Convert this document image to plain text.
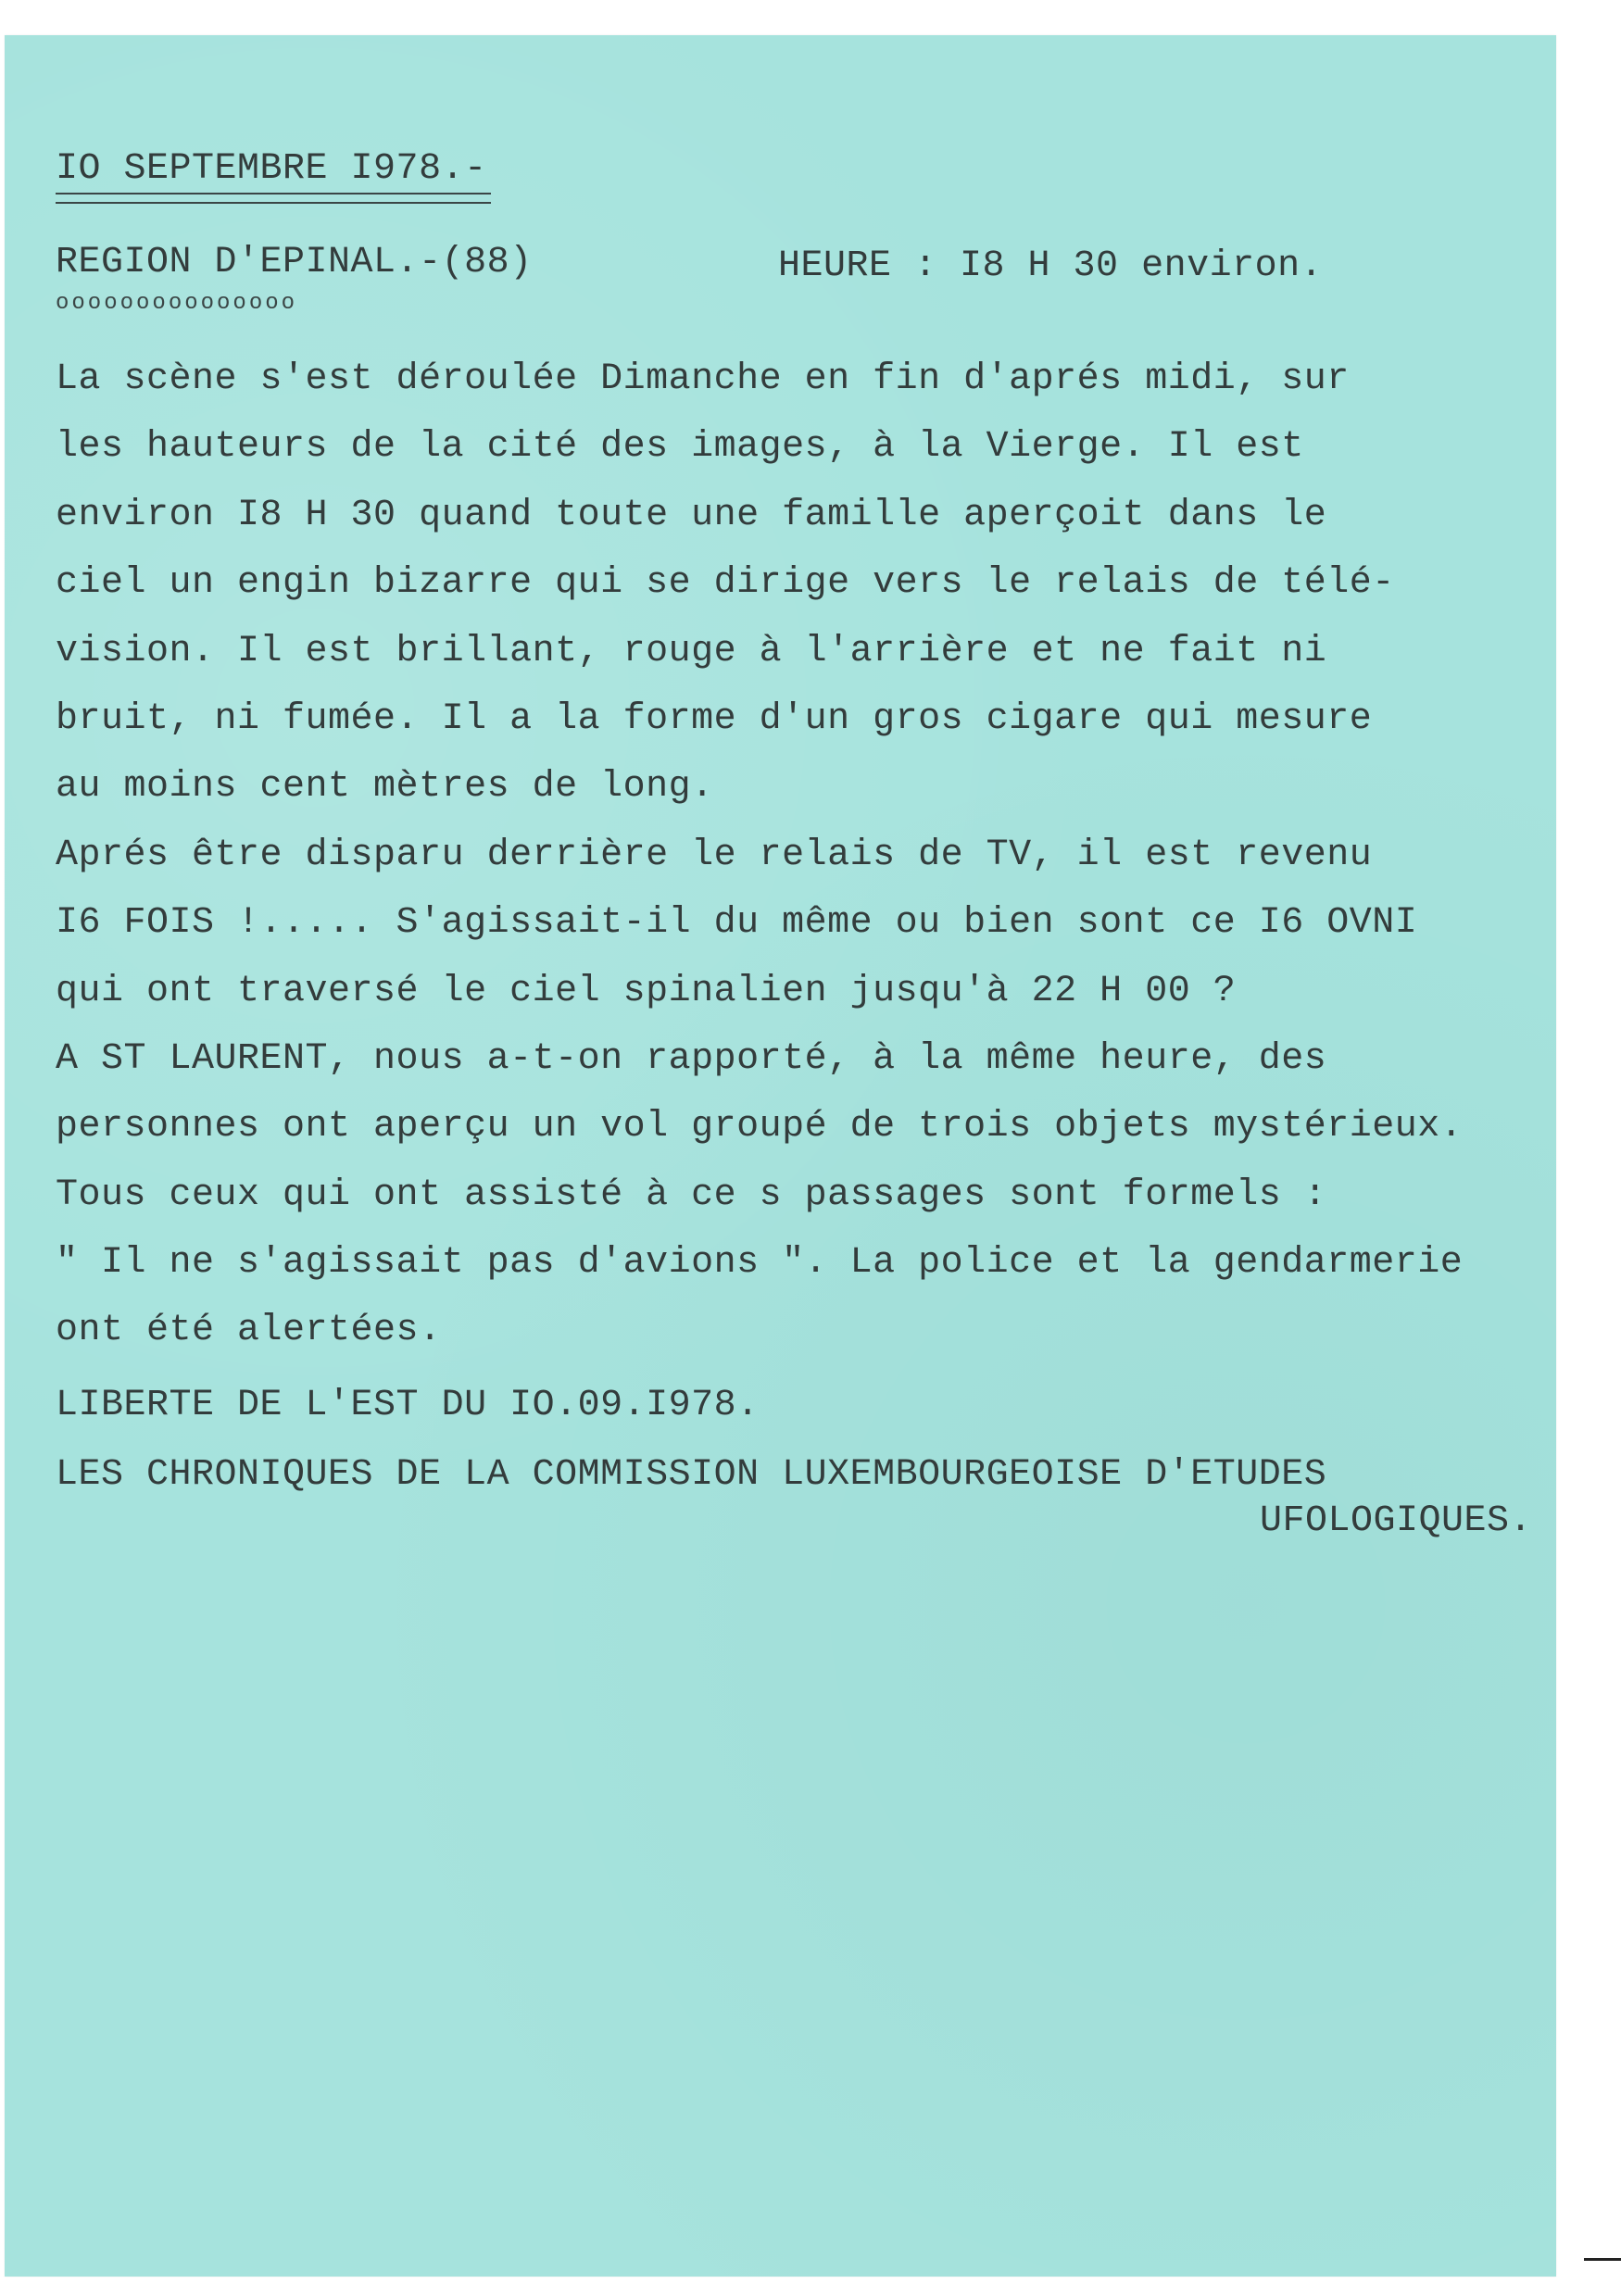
IO SEPTEMBRE I978.-
REGION D'EPINAL.-(88)	HEURE : I8 H 30 environ.
ooooooooooooooo
La scène s'est déroulée Dimanche en fin d'aprés midi, sur
les hauteurs de la cité des images, à la Vierge. Il est
environ I8 H 30 quand toute une famille aperçoit dans le
ciel un engin bizarre qui se dirige vers le relais de télé-
vision. Il est brillant, rouge à l'arrière et ne fait ni
bruit, ni fumée. Il a la forme d'un gros cigare qui mesure
au moins cent mètres de long.
Aprés être disparu derrière le relais de TV, il est revenu
I6 FOIS !..... S'agissait-il du même ou bien sont ce I6 OVNI
qui ont traversé le ciel spinalien jusqu'à 22 H 00 ?
A ST LAURENT, nous a-t-on rapporté, à la même heure, des
personnes ont aperçu un vol groupé de trois objets mystérieux.
Tous ceux qui ont assisté à ce s passages sont formels :
" Il ne s'agissait pas d'avions ". La police et la gendarmerie
ont été alertées.
LIBERTE DE L'EST DU IO.09.I978.
LES CHRONIQUES DE LA COMMISSION LUXEMBOURGEOISE D'ETUDES
UFOLOGIQUES.
